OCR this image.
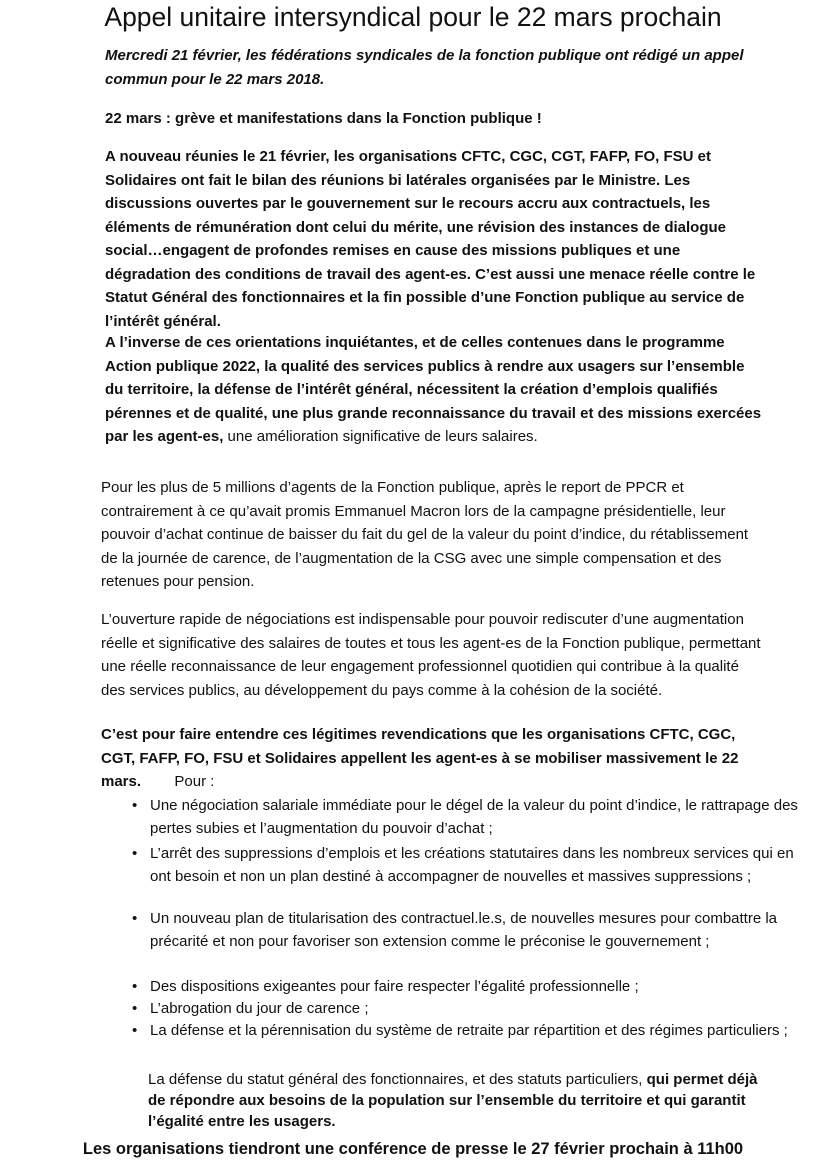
Appel unitaire intersyndical pour le 22 mars prochain

Mercredi 21 février, les fédérations syndicales de la fonction publique ont rédigé un appel commun pour le 22 mars 2018.

22 mars : grève et manifestations dans la Fonction publique !

A nouveau réunies le 21 février, les organisations CFTC, CGC, CGT, FAFP, FO, FSU et Solidaires ont fait le bilan des réunions bi latérales organisées par le Ministre. Les discussions ouvertes par le gouvernement sur le recours accru aux contractuels, les éléments de rémunération dont celui du mérite, une révision des instances de dialogue social…engagent de profondes remises en cause des missions publiques et une dégradation des conditions de travail des agent-es. C’est aussi une menace réelle contre le Statut Général des fonctionnaires et la fin possible d’une Fonction publique au service de l’intérêt général.

A l’inverse de ces orientations inquiétantes, et de celles contenues dans le programme Action publique 2022, la qualité des services publics à rendre aux usagers sur l’ensemble du territoire, la défense de l’intérêt général, nécessitent la création d’emplois qualifiés pérennes et de qualité, une plus grande reconnaissance du travail et des missions exercées par les agent-es, une amélioration significative de leurs salaires.

Pour les plus de 5 millions d’agents de la Fonction publique, après le report de PPCR et contrairement à ce qu’avait promis Emmanuel Macron lors de la campagne présidentielle, leur pouvoir d’achat continue de baisser du fait du gel de la valeur du point d’indice, du rétablissement de la journée de carence, de l’augmentation de la CSG avec une simple compensation et des retenues pour pension.

L’ouverture rapide de négociations est indispensable pour pouvoir rediscuter d’une augmentation réelle et significative des salaires de toutes et tous les agent-es de la Fonction publique, permettant une réelle reconnaissance de leur engagement professionnel quotidien qui contribue à la qualité des services publics, au développement du pays comme à la cohésion de la société.

C’est pour faire entendre ces légitimes revendications que les organisations CFTC, CGC, CGT, FAFP, FO, FSU et Solidaires appellent les agent-es à se mobiliser massivement le 22 mars. Pour :

• Une négociation salariale immédiate pour le dégel de la valeur du point d’indice, le rattrapage des pertes subies et l’augmentation du pouvoir d’achat ;
• L’arrêt des suppressions d’emplois et les créations statutaires dans les nombreux services qui en ont besoin et non un plan destiné à accompagner de nouvelles et massives suppressions ;
• Un nouveau plan de titularisation des contractuel.le.s, de nouvelles mesures pour combattre la précarité et non pour favoriser son extension comme le préconise le gouvernement ;
• Des dispositions exigeantes pour faire respecter l’égalité professionnelle ;
• L’abrogation du jour de carence ;
• La défense et la pérennisation du système de retraite par répartition et des régimes particuliers ;

La défense du statut général des fonctionnaires, et des statuts particuliers, qui permet déjà de répondre aux besoins de la population sur l’ensemble du territoire et qui garantit l’égalité entre les usagers.

Les organisations tiendront une conférence de presse le 27 février prochain à 11h00
